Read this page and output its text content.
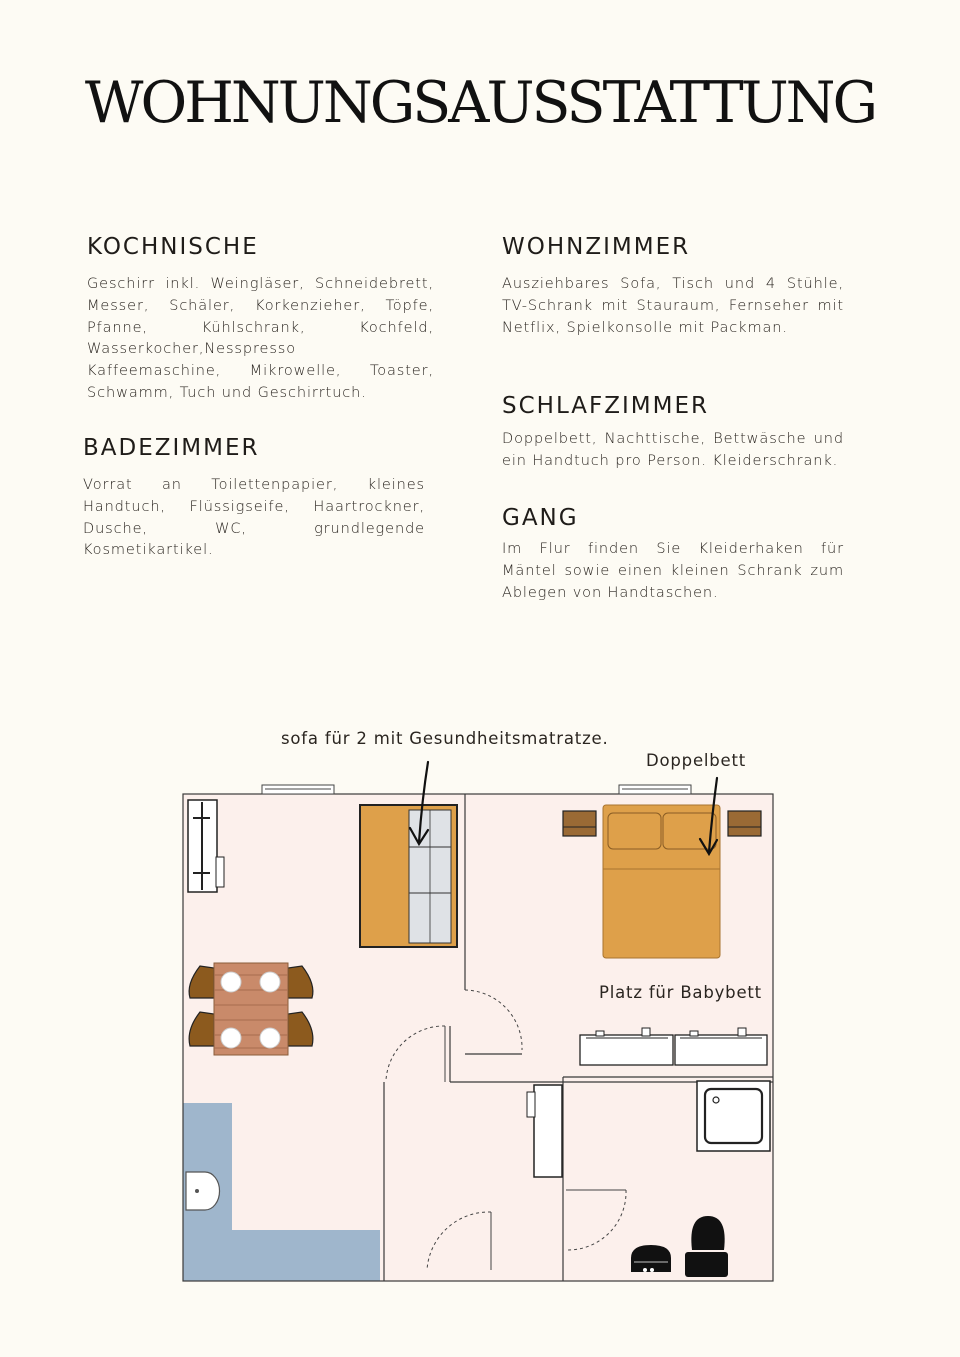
WOHNUNGSAUSSTATTUNG
KOCHNISCHE

Geschirr inkl. Weingläser, Schneidebrett, Messer, Schäler, Korkenzieher, Töpfe, Pfanne, Kühlschrank, Kochfeld, Wasserkocher,Nesspresso Kaffeemaschine, Mikrowelle, Toaster, Schwamm, Tuch und Geschirrtuch.

BADEZIMMER

Vorrat an Toilettenpapier, kleines Handtuch, Flüssigseife, Haartrockner, Dusche, WC, grundlegende Kosmetikartikel.

WOHNZIMMER

Ausziehbares Sofa, Tisch und 4 Stühle, TV-Schrank mit Stauraum, Fernseher mit Netflix, Spielkonsolle mit Packman.

SCHLAFZIMMER

Doppelbett, Nachttische, Bettwäsche und ein Handtuch pro Person. Kleiderschrank.

GANG

Im Flur finden Sie Kleiderhaken für Mäntel sowie einen kleinen Schrank zum Ablegen von Handtaschen.

sofa für 2 mit Gesundheitsmatratze.
Doppelbett
Platz für Babybett
